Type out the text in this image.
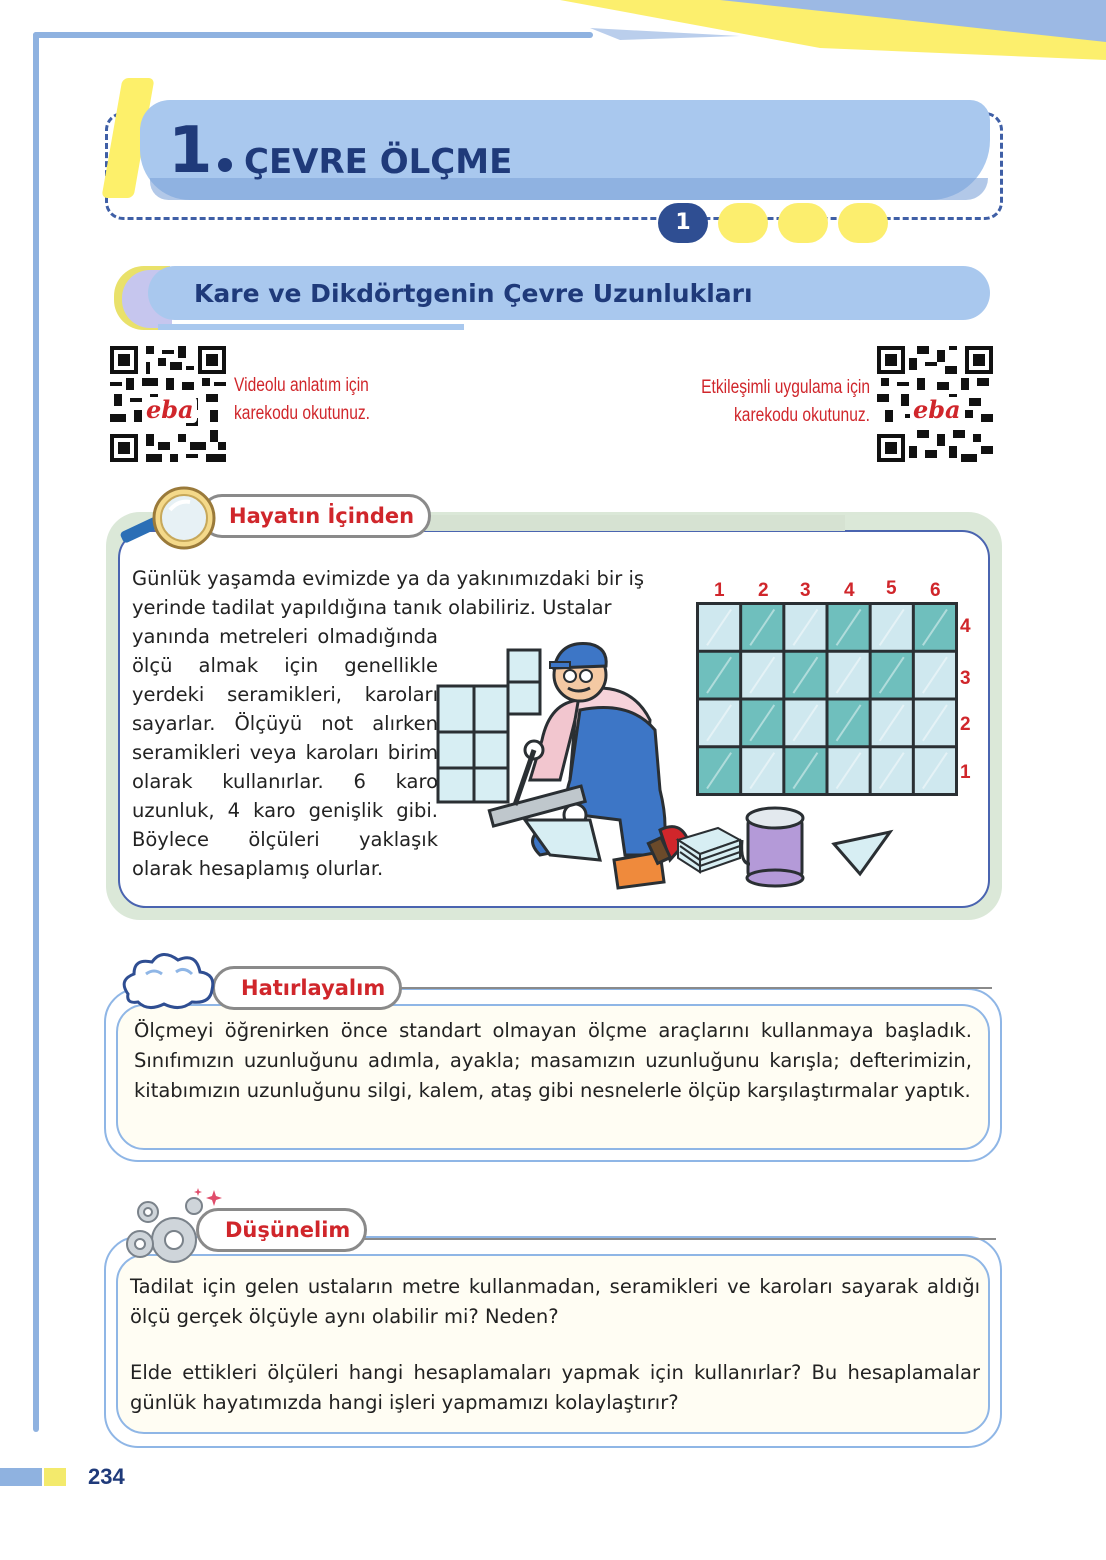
1 ÇEVRE ÖLÇME
1
Kare ve Dikdörtgenin Çevre Uzunlukları
eba
Videolu anlatım için
karekodu okutunuz.	eba
Etkileşimli uygulama için
karekodu okutunuz.
Hayatın İçinden
Günlük yaşamda evimizde ya da yakınımızdaki bir iş yerinde tadilat yapıldığına tanık olabiliriz. Ustalar
yanında metreleri olmadığında ölçü almak için genellikle yerdeki seramikleri, karoları sayarlar. Ölçüyü not alırken seramikleri veya karoları birim olarak kullanırlar. 6 karo uzunluk, 4 karo genişlik gibi. Böylece ölçüleri yaklaşık olarak hesaplamış olurlar.
1 2 3 4 5 6
4
3
2
1
Hatırlayalım
Ölçmeyi öğrenirken önce standart olmayan ölçme araçlarını kullanmaya başladık. Sınıfımızın uzunluğunu adımla, ayakla; masamızın uzunluğunu karışla; defterimizin, kitabımızın uzunluğunu silgi, kalem, ataş gibi nesnelerle ölçüp karşılaştırmalar yaptık.
Düşünelim
Tadilat için gelen ustaların metre kullanmadan, seramikleri ve karoları sayarak aldığı ölçü gerçek ölçüyle aynı olabilir mi? Neden?
Elde ettikleri ölçüleri hangi hesaplamaları yapmak için kullanırlar? Bu hesaplamalar günlük hayatımızda hangi işleri yapmamızı kolaylaştırır?
234
